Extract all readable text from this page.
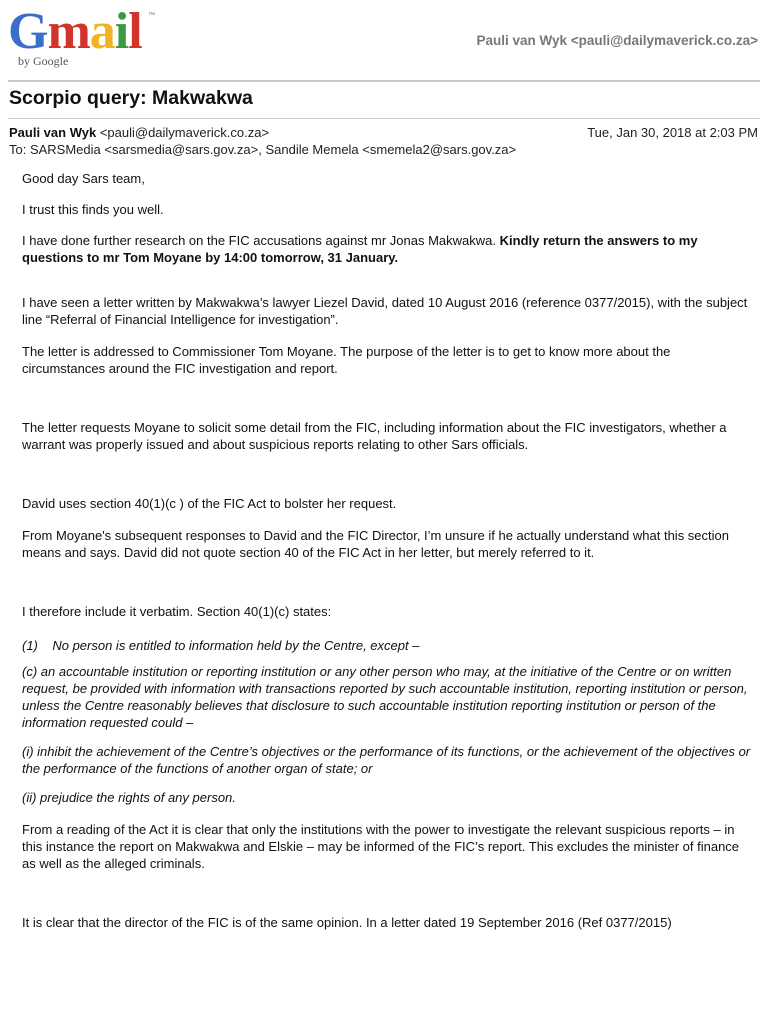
Gmail ™
by Google
Pauli van Wyk <pauli@dailymaverick.co.za>
Scorpio query: Makwakwa
Pauli van Wyk <pauli@dailymaverick.co.za>	Tue, Jan 30, 2018 at 2:03 PM
To: SARSMedia <sarsmedia@sars.gov.za>, Sandile Memela <smemela2@sars.gov.za>

Good day Sars team,

I trust this finds you well.

I have done further research on the FIC accusations against mr Jonas Makwakwa. Kindly return the answers to my questions to mr Tom Moyane by 14:00 tomorrow, 31 January.

I have seen a letter written by Makwakwa’s lawyer Liezel David, dated 10 August 2016 (reference 0377/2015), with the subject line “Referral of Financial Intelligence for investigation”.

The letter is addressed to Commissioner Tom Moyane. The purpose of the letter is to get to know more about the circumstances around the FIC investigation and report.

The letter requests Moyane to solicit some detail from the FIC, including information about the FIC investigators, whether a warrant was properly issued and about suspicious reports relating to other Sars officials.

David uses section 40(1)(c ) of the FIC Act to bolster her request.

From Moyane's subsequent responses to David and the FIC Director, I’m unsure if he actually understand what this section means and says. David did not quote section 40 of the FIC Act in her letter, but merely referred to it.

I therefore include it verbatim. Section 40(1)(c) states:

(1)    No person is entitled to information held by the Centre, except –

(c) an accountable institution or reporting institution or any other person who may, at the initiative of the Centre or on written request, be provided with information with transactions reported by such accountable institution, reporting institution or person, unless the Centre reasonably believes that disclosure to such accountable institution reporting institution or person of the information requested could –

(i) inhibit the achievement of the Centre’s objectives or the performance of its functions, or the achievement of the objectives or the performance of the functions of another organ of state; or

(ii) prejudice the rights of any person.

From a reading of the Act it is clear that only the institutions with the power to investigate the relevant suspicious reports – in this instance the report on Makwakwa and Elskie – may be informed of the FIC’s report. This excludes the minister of finance as well as the alleged criminals.

It is clear that the director of the FIC is of the same opinion. In a letter dated 19 September 2016 (Ref 0377/2015)
